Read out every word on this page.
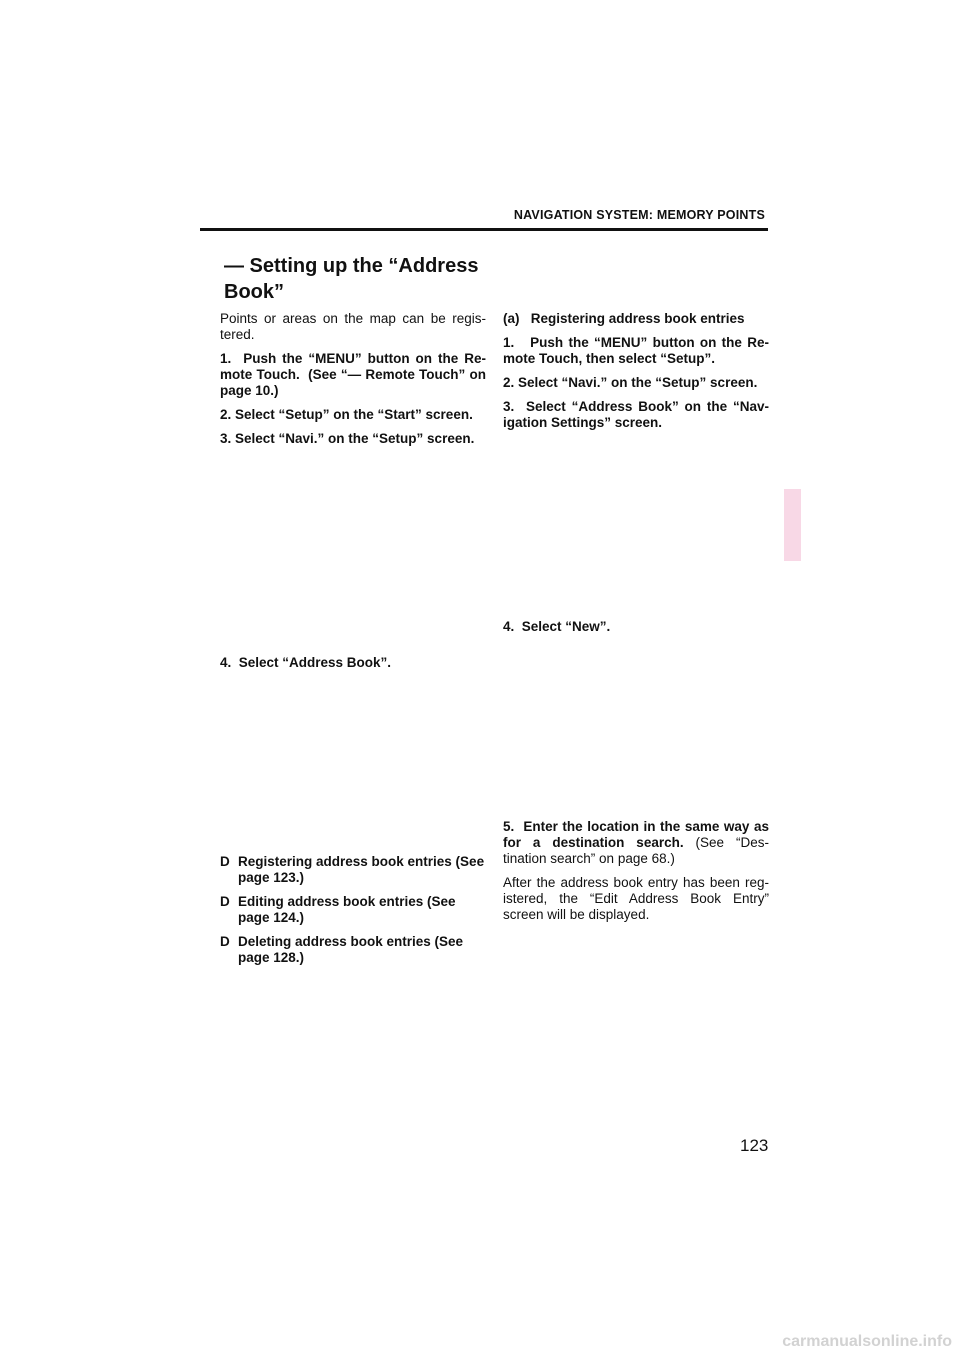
NAVIGATION SYSTEM: MEMORY POINTS
— Setting up the “Address Book”

Points or areas on the map can be regis-tered.

1.  Push the “MENU” button on the Re-mote Touch.  (See “— Remote Touch” on page 10.)

2. Select “Setup” on the “Start” screen.

3. Select “Navi.” on the “Setup” screen.

4.  Select “Address Book”.
D Registering address book entries (See page 123.)
D Editing address book entries (See page 124.)
D Deleting address book entries (See page 128.)

(a)   Registering address book entries

1.   Push the “MENU” button on the Re-mote Touch, then select “Setup”.

2. Select “Navi.” on the “Setup” screen.

3.  Select “Address Book” on the “Nav-igation Settings” screen.

4.  Select “New”.

5.  Enter the location in the same way as for a destination search. (See “Des-tination search” on page 68.)

After the address book entry has been reg-istered, the “Edit Address Book Entry” screen will be displayed.

123
carmanualsonline.info
